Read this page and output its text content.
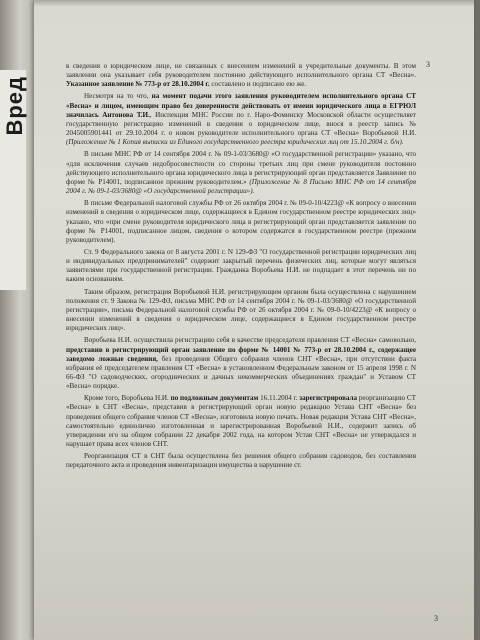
Вред
3

в сведения о юридическом лице, не связанных с внесением изменений в учредительные документы. В этом заявлении она указывает себя руководителем постоянно действующего исполнительного органа СТ «Весна». Указанное заявление № 773-р от 28.10.2004 г. составлено и подписано ею же.

Несмотря на то что, на момент подачи этого заявления руководителем исполнительного органа СТ «Весна» и лицом, имеющим право без доверенности действовать от имени юридического лица в ЕГРЮЛ значилась Антонова Т.И., Инспекция МНС России по г. Наро-Фоминску Московской области осуществляет государственную регистрацию изменений в сведения о юридическом лице, внося в реестр запись № 2045005901441 от 29.10.2004 г. о новом руководителе исполнительного органа СТ «Весна» Воробьевой Н.И. (Приложение № 1 Копия выписки из Единого государственного реестра юридических лиц от 15.10.2004 г. б/н).

В письме МНС РФ от 14 сентября 2004 г. № 09-1-03/3680@ «О государственной регистрации» указано, что «для исключения случаев недобросовестности со стороны третьих лиц при смене руководителя постоянно действующего исполнительного органа юридического лица в регистрирующий орган представляется Заявление по форме № Р14001, подписанное прежним руководителем.» (Приложение № 8 Письмо МНС РФ от 14 сентября 2004 г. № 09-1-03/3680@ «О государственной регистрации»).

В письме Федеральной налоговой службы РФ от 26 октября 2004 г. № 09-0-10/4223@ «К вопросу о внесении изменений в сведения о юридическом лице, содержащиеся в Едином государственном реестре юридических лиц» указано, что «при смене руководителя юридического лица в регистрирующий орган представляется заявление по форме № Р14001, подписанное лицом, сведения о котором содержатся в государственном реестре (прежним руководителем).

Ст. 9 Федерального закона от 8 августа 2001 г. N 129-ФЗ "О государственной регистрации юридических лиц и индивидуальных предпринимателей" содержит закрытый перечень физических лиц, которые могут являться заявителями при государственной регистрации. Гражданка Воробьева Н.И. не подпадает в этот перечень ни по каким основаниям.

Таким образом, регистрация Воробьевой Н.И. регистрирующим органом была осуществлена с нарушением положения ст. 9 Закона № 129-ФЗ, письма МНС РФ от 14 сентября 2004 г. № 09-1-03/3680@ «О государственной регистрации», письма Федеральной налоговой службы РФ от 26 октября 2004 г. № 09-0-10/4223@ «К вопросу о внесении изменений в сведения о юридическом лице, содержащиеся в Едином государственном реестре юридических лиц».

Воробьева Н.И. осуществила регистрацию себя в качестве председателя правления СТ «Весна» самовольно, представив в регистрирующий орган заявление по форме № 14001 № 773-р от 28.10.2004 г., содержащее заведомо ложные сведения, без проведения Общего собрания членов СНТ «Весна», при отсутствии факта избрания её председателем правления СТ «Весна» в установленном Федеральным законом от 15 апреля 1998 г. N 66-ФЗ "О садоводческих, огороднических и дачных некоммерческих объединениях граждан" и Уставом СТ «Весна» порядке.

Кроме того, Воробьева Н.И. по подложным документам 16.11.2004 г. зарегистрировала реорганизацию СТ «Весна» в СНТ «Весна», представив в регистрирующий орган новую редакцию Устава СНТ «Весна» без проведения общего собрания членов СТ «Весна», изготовила новую печать. Новая редакция Устава СНТ «Весна», самостоятельно единолично изготовленная и зарегистрированная Воробьевой Н.И., содержит запись об утверждении его на общем собрании 22 декабря 2002 года, на котором Устав СНТ «Весна» не утверждался и нарушает права всех членов СНТ.

Реорганизация СТ в СНТ была осуществлена без решения общего собрания садоводов, без составления передаточного акта и проведения инвентаризации имущества в нарушение ст.

3
